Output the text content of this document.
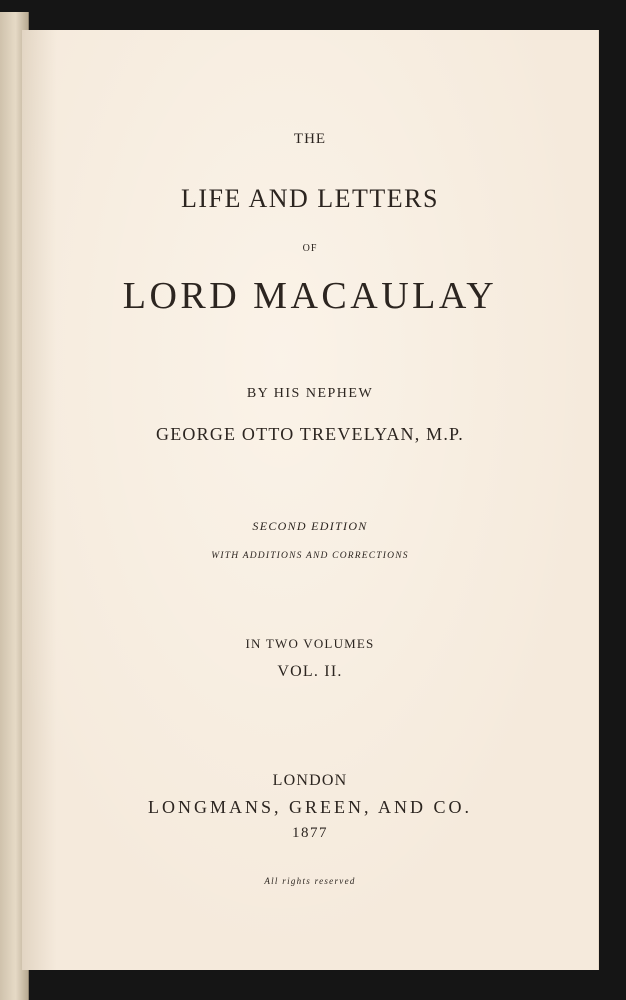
THE
LIFE AND LETTERS
OF
LORD MACAULAY
BY HIS NEPHEW
GEORGE OTTO TREVELYAN, M.P.
SECOND EDITION
WITH ADDITIONS AND CORRECTIONS
IN TWO VOLUMES
VOL. II.
LONDON
LONGMANS, GREEN, AND CO.
1877
All rights reserved
